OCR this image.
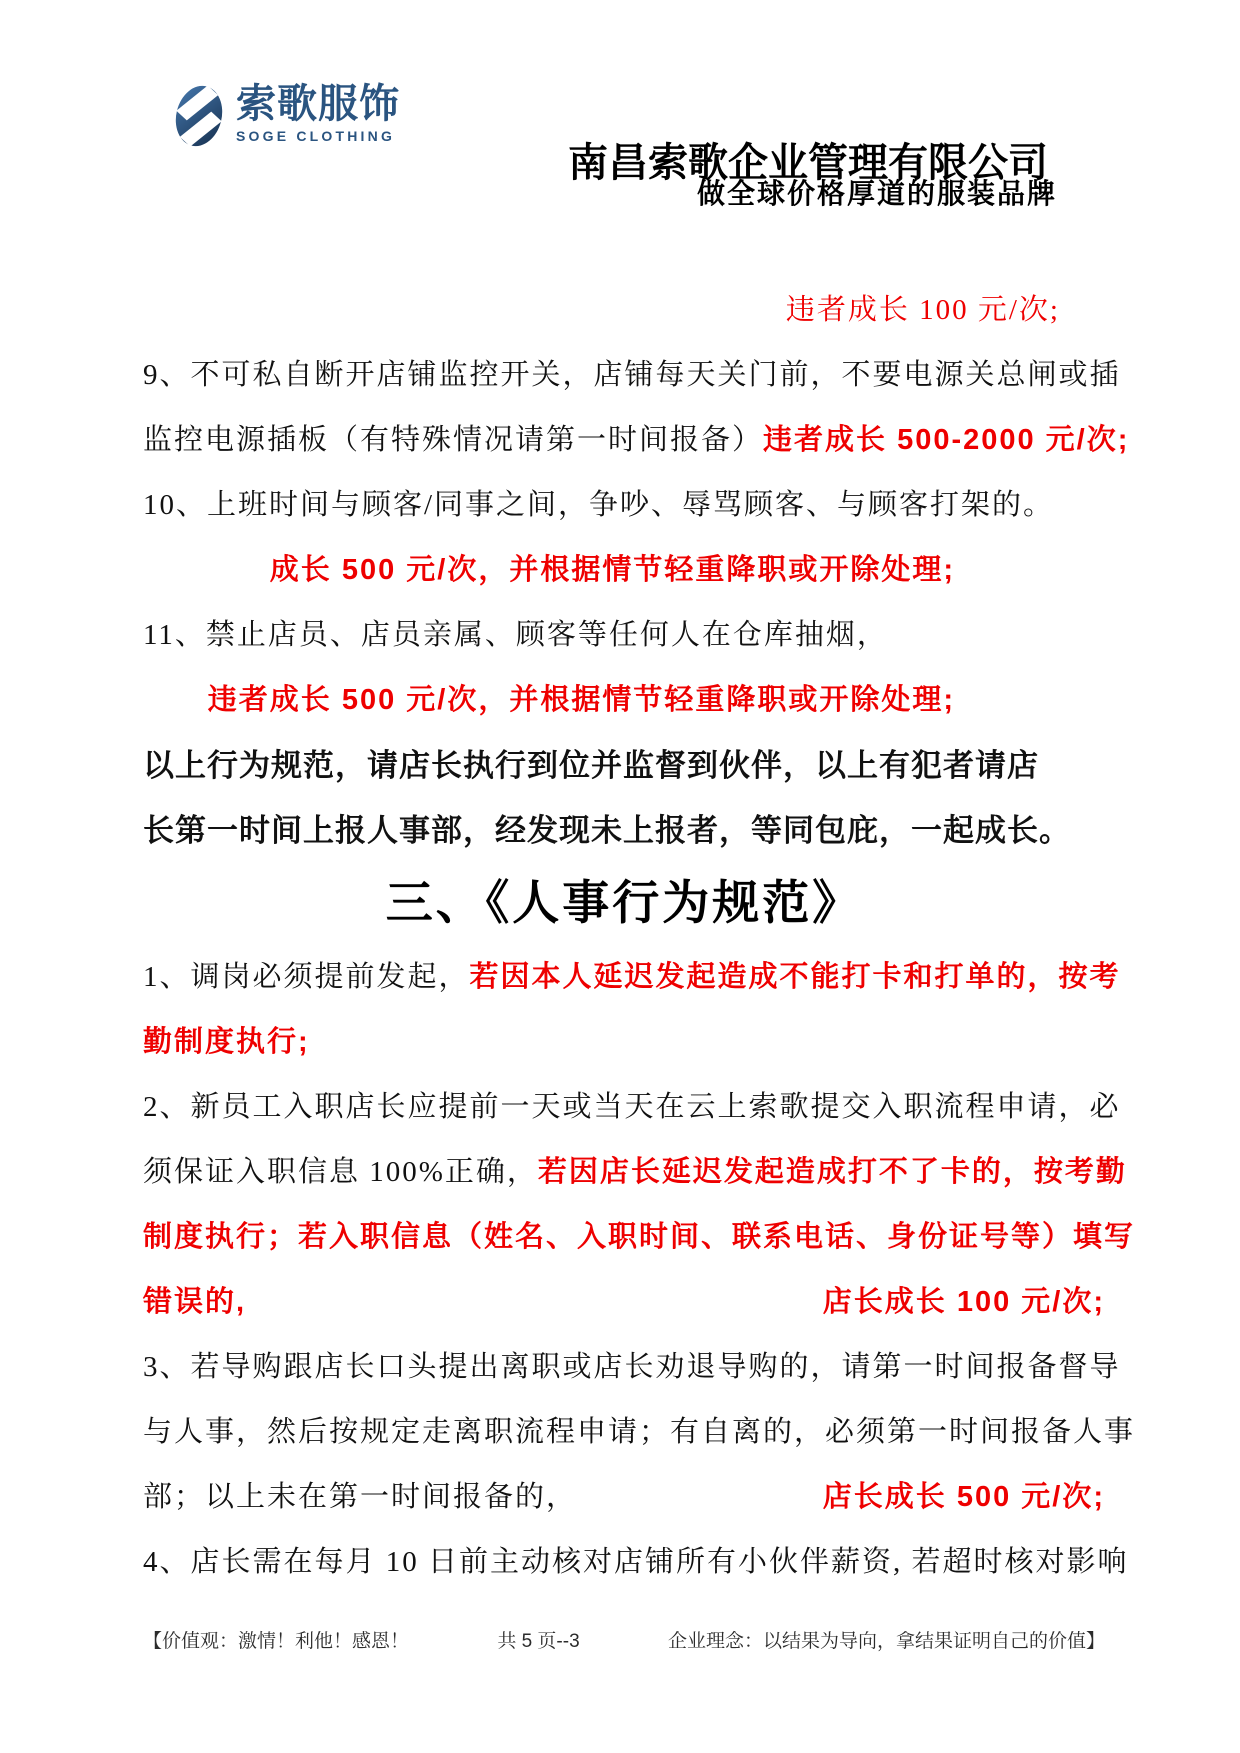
索歌服饰
SOGE CLOTHING
南昌索歌企业管理有限公司
做全球价格厚道的服装品牌

违者成长 100 元/次;

9、不可私自断开店铺监控开关，店铺每天关门前，不要电源关总闸或插

监控电源插板（有特殊情况请第一时间报备）违者成长 500-2000 元/次;

10、上班时间与顾客/同事之间，争吵、辱骂顾客、与顾客打架的。

成长 500 元/次，并根据情节轻重降职或开除处理;

11、禁止店员、店员亲属、顾客等任何人在仓库抽烟，

违者成长 500 元/次，并根据情节轻重降职或开除处理;

以上行为规范，请店长执行到位并监督到伙伴，以上有犯者请店

长第一时间上报人事部，经发现未上报者，等同包庇，一起成长。

三、《人事行为规范》

1、调岗必须提前发起，若因本人延迟发起造成不能打卡和打单的，按考

勤制度执行;

2、新员工入职店长应提前一天或当天在云上索歌提交入职流程申请，必

须保证入职信息 100%正确，若因店长延迟发起造成打不了卡的，按考勤

制度执行；若入职信息（姓名、入职时间、联系电话、身份证号等）填写

错误的,	店长成长 100 元/次;

3、若导购跟店长口头提出离职或店长劝退导购的，请第一时间报备督导

与人事，然后按规定走离职流程申请；有自离的，必须第一时间报备人事

部；以上未在第一时间报备的，	店长成长 500 元/次;

4、店长需在每月 10 日前主动核对店铺所有小伙伴薪资, 若超时核对影响

【价值观：激情！利他！感恩！	共 5 页--3	企业理念：以结果为导向，拿结果证明自己的价值】
